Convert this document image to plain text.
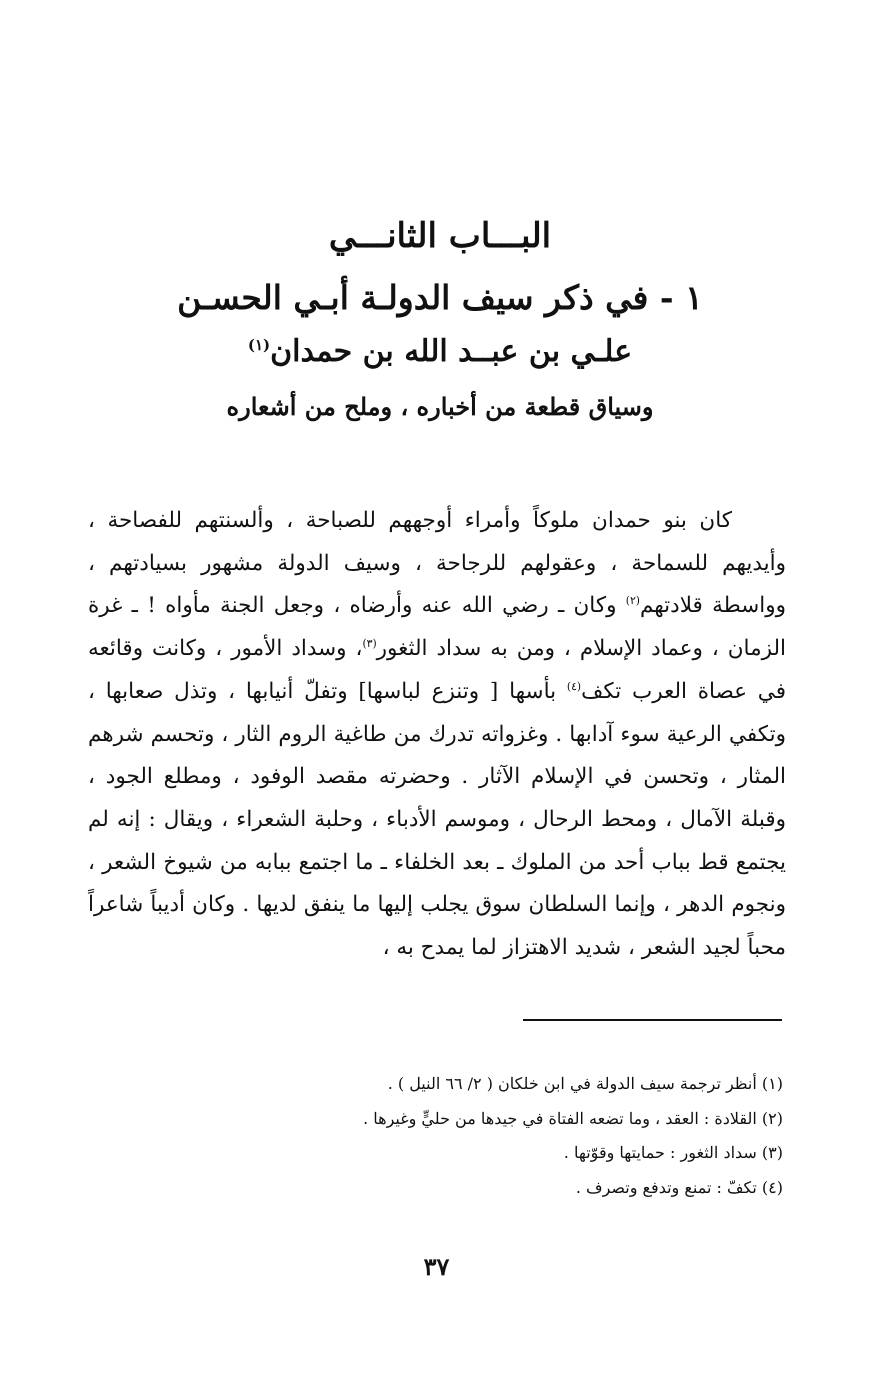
البـــاب الثانـــي
١ - في ذكر سيف الدولـة أبـي الحسـن
علـي بن عبــد الله بن حمدان$^{(١)}$
وسياق قطعة من أخباره ، وملح من أشعاره

كان بنو حمدان ملوكاً وأمراء أوجههم للصباحة ، وألسنتهم للفصاحة ، وأيديهم للسماحة ، وعقولهم للرجاحة ، وسيف الدولة مشهور بسيادتهم ، وواسطة قلادتهم$^{(٢)}$ وكان ـ رضي الله عنه وأرضاه ، وجعل الجنة مأواه ! ـ غرة الزمان ، وعماد الإسلام ، ومن به سداد الثغور$^{(٣)}$، وسداد الأمور ، وكانت وقائعه في عصاة العرب تكف$^{(٤)}$ بأسها [ وتنزع لباسها] وتفلّ أنيابها ، وتذل صعابها ، وتكفي الرعية سوء آدابها . وغزواته تدرك من طاغية الروم الثار ، وتحسم شرهم المثار ، وتحسن في الإسلام الآثار . وحضرته مقصد الوفود ، ومطلع الجود ، وقبلة الآمال ، ومحط الرحال ، وموسم الأدباء ، وحلبة الشعراء ، ويقال : إنه لم يجتمع قط بباب أحد من الملوك ـ بعد الخلفاء ـ ما اجتمع ببابه من شيوخ الشعر ، ونجوم الدهر ، وإنما السلطان سوق يجلب إليها ما ينفق لديها . وكان أديباً شاعراً محباً لجيد الشعر ، شديد الاهتزاز لما يمدح به ،

(١) أنظر ترجمة سيف الدولة في ابن خلكان ( ٢/ ٦٦ النيل ) .
(٢) القلادة : العقد ، وما تضعه الفتاة في جيدها من حليٍّ وغيرها .
(٣) سداد الثغور : حمايتها وقوّتها .
(٤) تكفّ : تمنع وتدفع وتصرف .
٣٧
